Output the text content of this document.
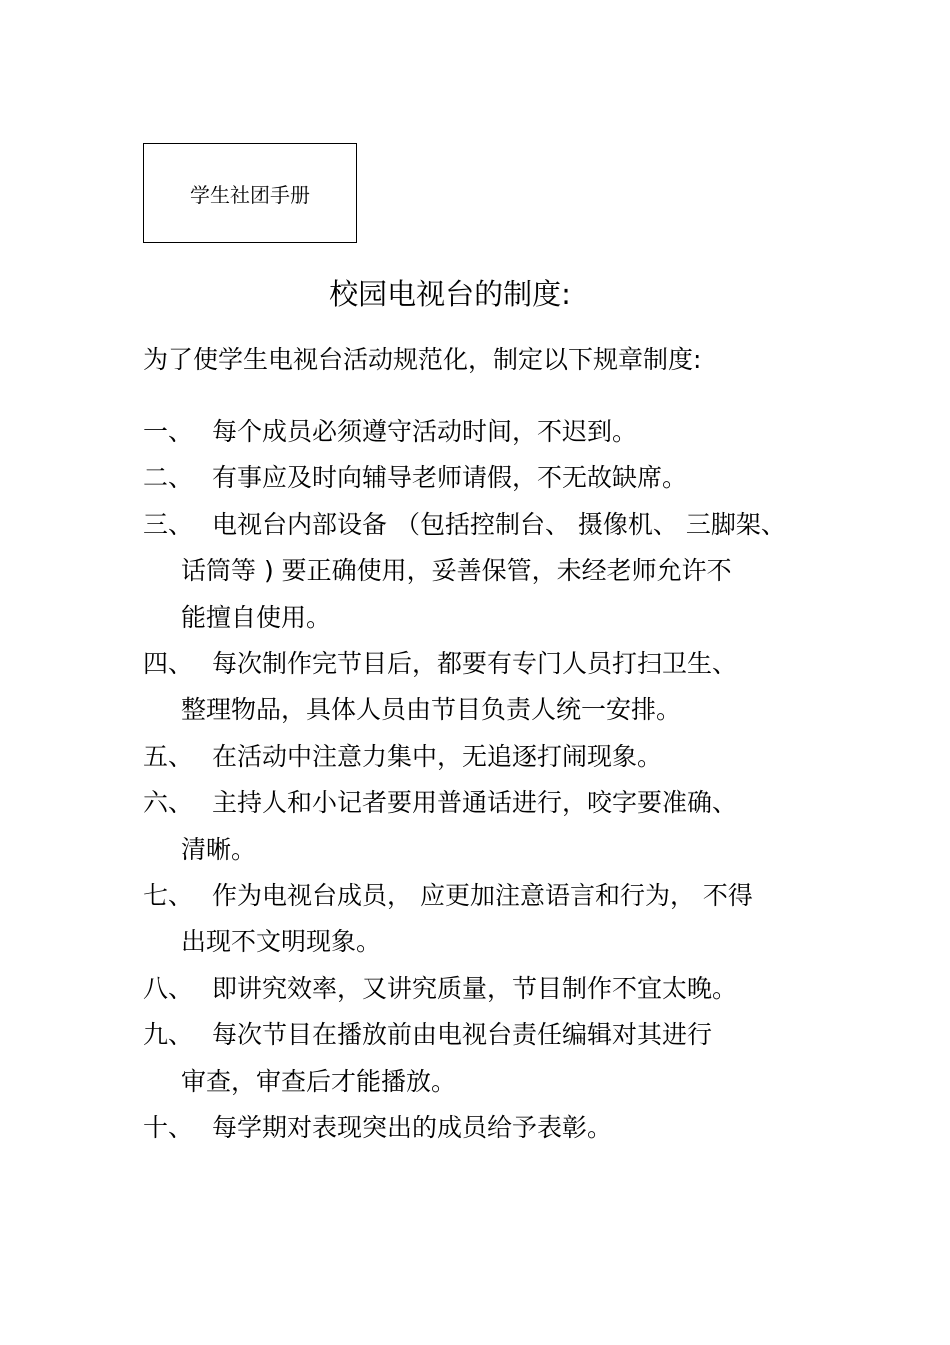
学生社团手册
校园电视台的制度:
为了使学生电视台活动规范化，制定以下规章制度:
一、 每个成员必须遵守活动时间，不迟到。
二、 有事应及时向辅导老师请假，不无故缺席。
三、 电视台内部设备 （包括控制台、 摄像机、 三脚架、
话筒等 ) 要正确使用，妥善保管，未经老师允许不
能擅自使用。
四、 每次制作完节目后，都要有专门人员打扫卫生、
整理物品，具体人员由节目负责人统一安排。
五、 在活动中注意力集中，无追逐打闹现象。
六、 主持人和小记者要用普通话进行，咬字要准确、
清晰。
七、 作为电视台成员， 应更加注意语言和行为， 不得
出现不文明现象。
八、 即讲究效率，又讲究质量，节目制作不宜太晚。
九、 每次节目在播放前由电视台责任编辑对其进行
审查，审查后才能播放。
十、 每学期对表现突出的成员给予表彰。
